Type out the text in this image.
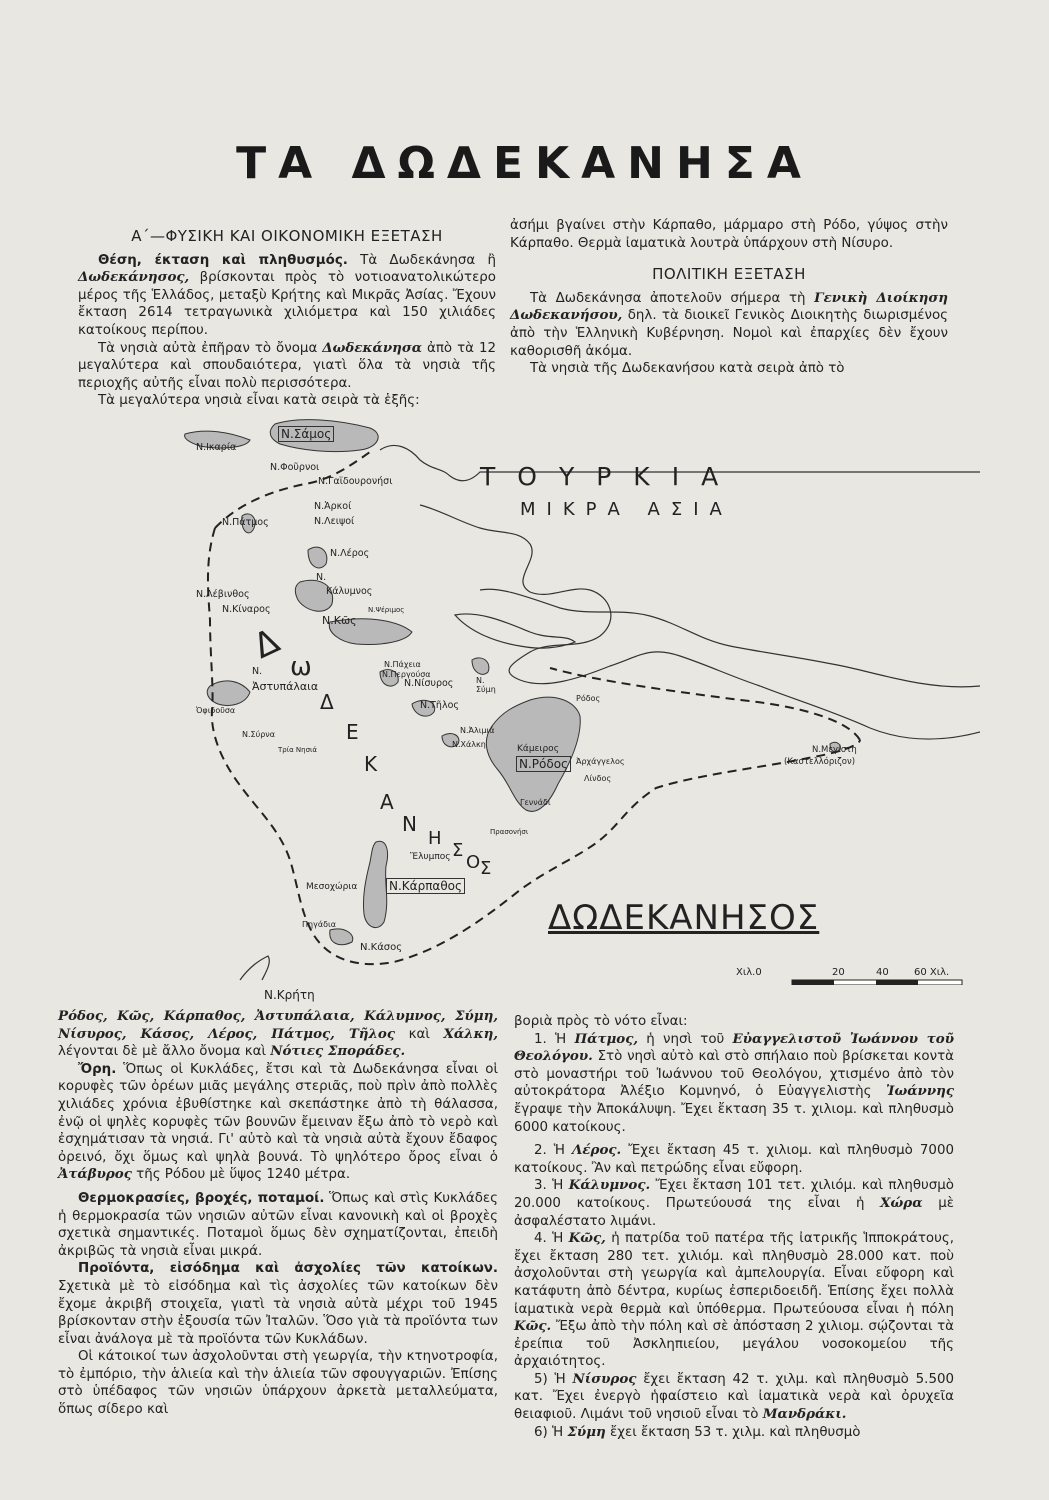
ΤΑ ΔΩΔΕΚΑΝΗΣΑ
Α΄—ΦΥΣΙΚΗ ΚΑΙ ΟΙΚΟΝΟΜΙΚΗ ΕΞΕΤΑΣΗ

Θέση, έκταση καὶ πληθυσμός. Τὰ Δωδεκάνησα ἢ Δωδεκάνησος, βρίσκονται πρὸς τὸ νοτιοανατολικώτερο μέρος τῆς Ἑλλάδος, μεταξὺ Κρήτης καὶ Μικρᾶς Ἀσίας. Ἔχουν ἔκταση 2614 τετραγωνικὰ χιλιόμετρα καὶ 150 χιλιάδες κατοίκους περίπου.

Τὰ νησιὰ αὐτὰ ἐπῆραν τὸ ὄνομα Δωδεκάνησα ἀπὸ τὰ 12 μεγαλύτερα καὶ σπουδαιότερα, γιατὶ ὅλα τὰ νησιὰ τῆς περιοχῆς αὐτῆς εἶναι πολὺ περισσότερα.

Τὰ μεγαλύτερα νησιὰ εἶναι κατὰ σειρὰ τὰ ἑξῆς:

ἀσήμι βγαίνει στὴν Κάρπαθο, μάρμαρο στὴ Ρόδο, γύψος στὴν Κάρπαθο. Θερμὰ ἰαματικὰ λουτρὰ ὑπάρχουν στὴ Νίσυρο.

ΠΟΛΙΤΙΚΗ ΕΞΕΤΑΣΗ

Τὰ Δωδεκάνησα ἀποτελοῦν σήμερα τὴ Γενικὴ Διοίκηση Δωδεκανήσου, δηλ. τὰ διοικεῖ Γενικὸς Διοικητὴς διωρισμένος ἀπὸ τὴν Ἑλληνικὴ Κυβέρνηση. Νομοὶ καὶ ἐπαρχίες δὲν ἔχουν καθορισθῆ ἀκόμα.

Τὰ νησιὰ τῆς Δωδεκανήσου κατὰ σειρὰ ἀπὸ τὸ

ΤΟΥΡΚΙΑ
ΜΙΚΡΑ ΑΣΙΑ
ΔΩΔΕΚΑΝΗΣΟΣ
Χιλ.0	20	40	60 Χιλ.
Ν.Ικαρία
Ν.Σάμος
Ν.Φοῦρνοι
Ν.Γαϊδουρονήσι
Ν.Ἀρκοί
Ν.Λειψοί
Ν.Πάτμος
Ν.Λέρος
Ν.
Κάλυμνος
Ν.Λέβινθος
Ν.Κίναρος
Ν.Κῶς
Ν.Ψέριμος
Ν.
Ἀστυπάλαια
Ὀφιδοῦσα
Ν.Πάχεια
Ν.Περγούσα
Ν.Νίσυρος	Ν. Σύμη
Ν.Τῆλος
Ν.Ἀλιμιά
Ν.Χάλκη
Ρόδος
Κάμειρος
Ν.Ρόδος Ἀρχάγγελος
Λίνδος
Γεννάδι
Πρασονήσι
Ν.Μεγίστη
(Καστελλόριζον)
Ν.Σύρνα
Τρία Νησιά
Ἔλυμπος
Μεσοχώρια	Ν.Κάρπαθος
Πηγάδια
Ν.Κάσος
Ν.Κρήτη
Δ ω
Δ
Ε
Κ
Α
Ν
Η
Σ
Ο Σ

Ρόδος, Κῶς, Κάρπαθος, Ἀστυπάλαια, Κάλυμνος, Σύμη, Νίσυρος, Κάσος, Λέρος, Πάτμος, Τῆλος καὶ Χάλκη, λέγονται δὲ μὲ ἄλλο ὄνομα καὶ Νότιες Σποράδες.

Ὄρη. Ὅπως οἱ Κυκλάδες, ἔτσι καὶ τὰ Δωδεκάνησα εἶναι οἱ κορυφὲς τῶν ὀρέων μιᾶς μεγάλης στεριᾶς, ποὺ πρὶν ἀπὸ πολλὲς χιλιάδες χρόνια ἐβυθίστηκε καὶ σκεπάστηκε ἀπὸ τὴ θάλασσα, ἐνῷ οἱ ψηλὲς κορυφὲς τῶν βουνῶν ἔμειναν ἔξω ἀπὸ τὸ νερὸ καὶ ἐσχημάτισαν τὰ νησιά. Γι' αὐτὸ καὶ τὰ νησιὰ αὐτὰ ἔχουν ἔδαφος ὀρεινό, ὄχι ὅμως καὶ ψηλὰ βουνά. Τὸ ψηλότερο ὄρος εἶναι ὁ Ἀτάβυρος τῆς Ρόδου μὲ ὕψος 1240 μέτρα.

Θερμοκρασίες, βροχές, ποταμοί. Ὅπως καὶ στὶς Κυκλάδες ἡ θερμοκρασία τῶν νησιῶν αὐτῶν εἶναι κανονικὴ καὶ οἱ βροχὲς σχετικὰ σημαντικές. Ποταμοὶ ὅμως δὲν σχηματίζονται, ἐπειδὴ ἀκριβῶς τὰ νησιὰ εἶναι μικρά.

Προϊόντα, εἰσόδημα καὶ ἀσχολίες τῶν κατοίκων. Σχετικὰ μὲ τὸ εἰσόδημα καὶ τὶς ἀσχολίες τῶν κατοίκων δὲν ἔχομε ἀκριβῆ στοιχεῖα, γιατὶ τὰ νησιὰ αὐτὰ μέχρι τοῦ 1945 βρίσκονταν στὴν ἐξουσία τῶν Ἰταλῶν. Ὅσο γιὰ τὰ προϊόντα των εἶναι ἀνάλογα μὲ τὰ προϊόντα τῶν Κυκλάδων.

Οἱ κάτοικοί των ἀσχολοῦνται στὴ γεωργία, τὴν κτηνοτροφία, τὸ ἐμπόριο, τὴν ἁλιεία καὶ τὴν ἁλιεία τῶν σφουγγαριῶν. Ἐπίσης στὸ ὑπέδαφος τῶν νησιῶν ὑπάρχουν ἀρκετὰ μεταλλεύματα, ὅπως σίδερο καὶ

βοριὰ πρὸς τὸ νότο εἶναι:

1. Ἡ Πάτμος, ἡ νησὶ τοῦ Εὐαγγελιστοῦ Ἰωάννου τοῦ Θεολόγου. Στὸ νησὶ αὐτὸ καὶ στὸ σπήλαιο ποὺ βρίσκεται κοντὰ στὸ μοναστήρι τοῦ Ἰωάννου τοῦ Θεολόγου, χτισμένο ἀπὸ τὸν αὐτοκράτορα Ἀλέξιο Κομνηνό, ὁ Εὐαγγελιστὴς Ἰωάννης ἔγραψε τὴν Ἀποκάλυψη. Ἔχει ἔκταση 35 τ. χιλιομ. καὶ πληθυσμὸ 6000 κατοίκους.

2. Ἡ Λέρος. Ἔχει ἔκταση 45 τ. χιλιομ. καὶ πληθυσμὸ 7000 κατοίκους. Ἂν καὶ πετρώδης εἶναι εὔφορη.

3. Ἡ Κάλυμνος. Ἔχει ἔκταση 101 τετ. χιλιόμ. καὶ πληθυσμὸ 20.000 κατοίκους. Πρωτεύουσά της εἶναι ἡ Χώρα μὲ ἀσφαλέστατο λιμάνι.

4. Ἡ Κῶς, ἡ πατρίδα τοῦ πατέρα τῆς ἰατρικῆς Ἱπποκράτους, ἔχει ἔκταση 280 τετ. χιλιόμ. καὶ πληθυσμὸ 28.000 κατ. ποὺ ἀσχολοῦνται στὴ γεωργία καὶ ἀμπελουργία. Εἶναι εὔφορη καὶ κατάφυτη ἀπὸ δέντρα, κυρίως ἐσπεριδοειδῆ. Ἐπίσης ἔχει πολλὰ ἰαματικὰ νερὰ θερμὰ καὶ ὑπόθερμα. Πρωτεύουσα εἶναι ἡ πόλη Κῶς. Ἔξω ἀπὸ τὴν πόλη καὶ σὲ ἀπόσταση 2 χιλιομ. σῴζονται τὰ ἐρείπια τοῦ Ἀσκληπιείου, μεγάλου νοσοκομείου τῆς ἀρχαιότητος.

5) Ἡ Νίσυρος ἔχει ἔκταση 42 τ. χιλμ. καὶ πληθυσμὸ 5.500 κατ. Ἔχει ἐνεργὸ ἡφαίστειο καὶ ἰαματικὰ νερὰ καὶ ὀρυχεῖα θειαφιοῦ. Λιμάνι τοῦ νησιοῦ εἶναι τὸ Μανδράκι.

6) Ἡ Σύμη ἔχει ἔκταση 53 τ. χιλμ. καὶ πληθυσμὸ
